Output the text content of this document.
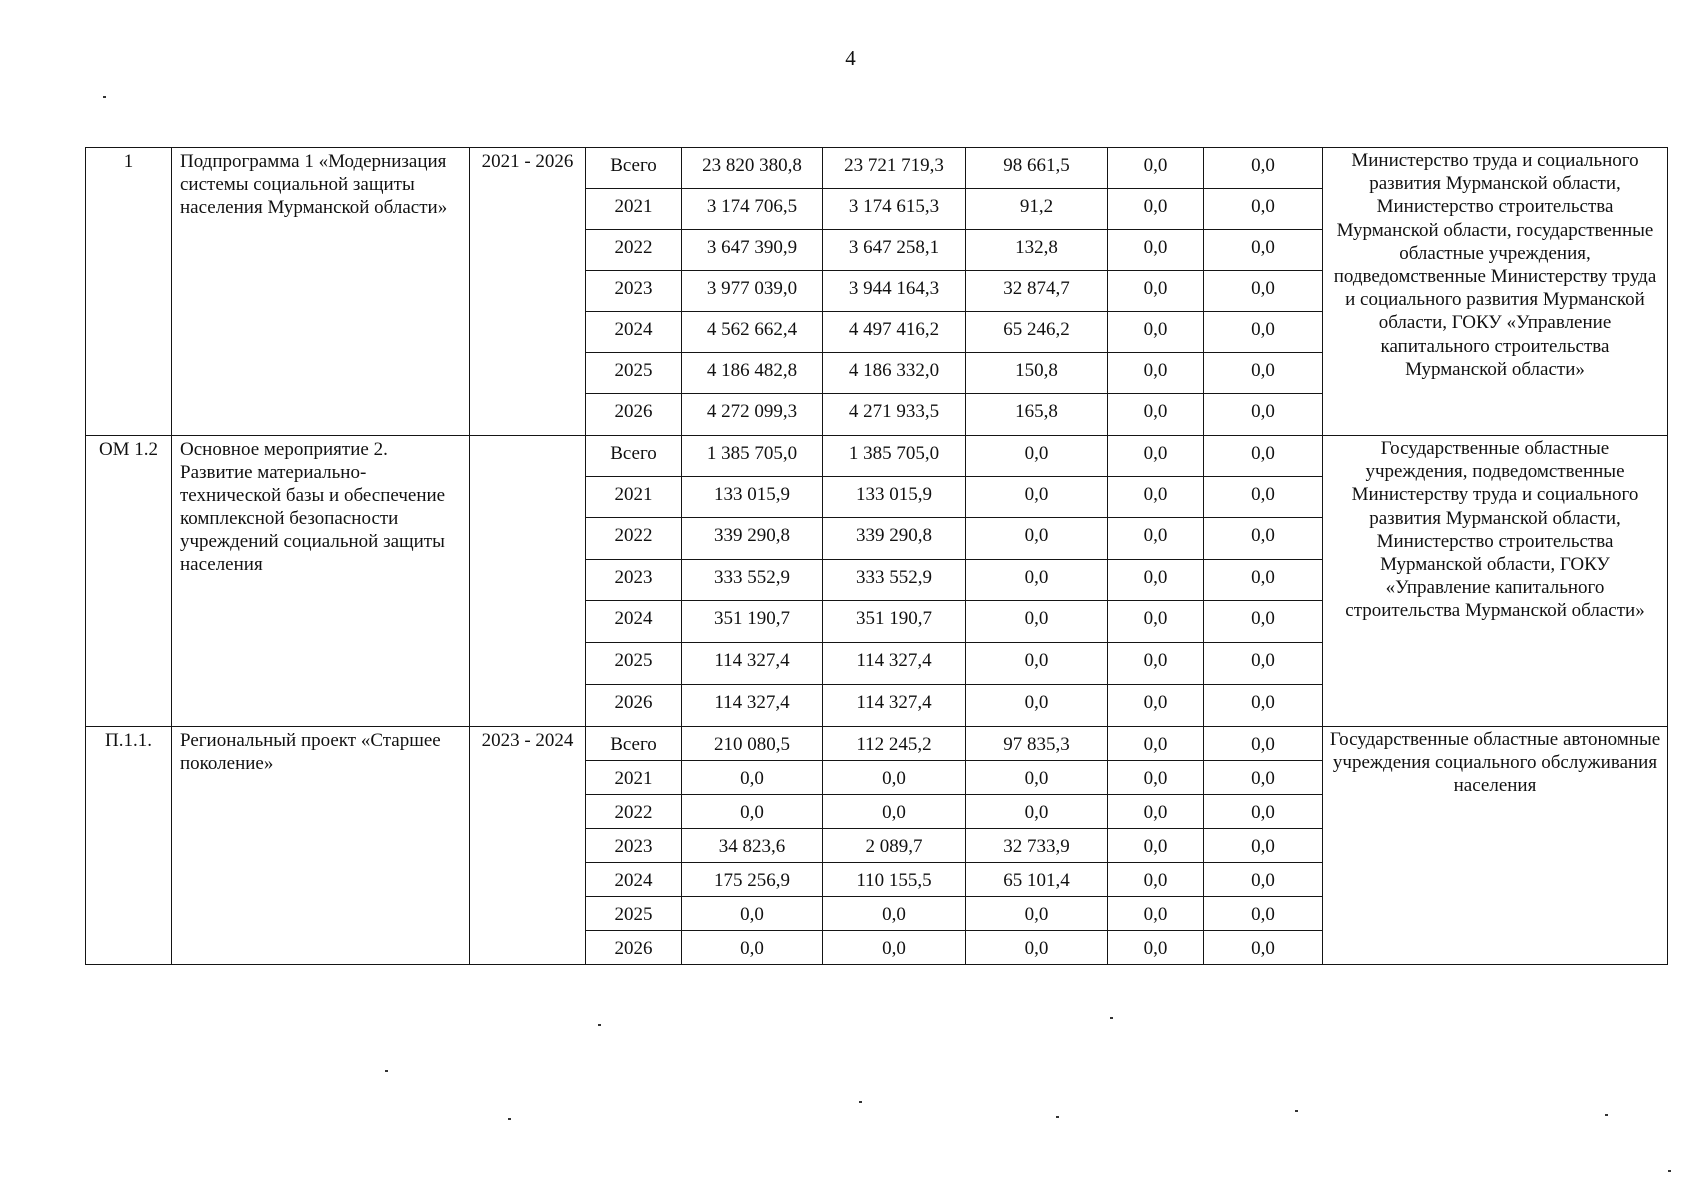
4
1	Подпрограмма 1 «Модернизация системы социальной защиты населения Мурманской области»	2021 - 2026	Всего	23 820 380,8	23 721 719,3	98 661,5	0,0	0,0	Министерство труда и социального развития Мурманской области, Министерство строительства Мурманской области, государственные областные учреждения, подведомственные Министерству труда и социального развития Мурманской области, ГОКУ «Управление капитального строительства Мурманской области»
			2021	3 174 706,5	3 174 615,3	91,2	0,0	0,0	
			2022	3 647 390,9	3 647 258,1	132,8	0,0	0,0	
			2023	3 977 039,0	3 944 164,3	32 874,7	0,0	0,0	
			2024	4 562 662,4	4 497 416,2	65 246,2	0,0	0,0	
			2025	4 186 482,8	4 186 332,0	150,8	0,0	0,0	
			2026	4 272 099,3	4 271 933,5	165,8	0,0	0,0	
ОМ 1.2	Основное мероприятие 2. Развитие материально-технической базы и обеспечение комплексной безопасности учреждений социальной защиты населения		Всего	1 385 705,0	1 385 705,0	0,0	0,0	0,0	Государственные областные учреждения, подведомственные Министерству труда и социального развития Мурманской области, Министерство строительства Мурманской области, ГОКУ «Управление капитального строительства Мурманской области»
			2021	133 015,9	133 015,9	0,0	0,0	0,0	
			2022	339 290,8	339 290,8	0,0	0,0	0,0	
			2023	333 552,9	333 552,9	0,0	0,0	0,0	
			2024	351 190,7	351 190,7	0,0	0,0	0,0	
			2025	114 327,4	114 327,4	0,0	0,0	0,0	
			2026	114 327,4	114 327,4	0,0	0,0	0,0	
П.1.1.	Региональный проект «Старшее поколение»	2023 - 2024	Всего	210 080,5	112 245,2	97 835,3	0,0	0,0	Государственные областные автономные учреждения социального обслуживания населения
			2021	0,0	0,0	0,0	0,0	0,0	
			2022	0,0	0,0	0,0	0,0	0,0	
			2023	34 823,6	2 089,7	32 733,9	0,0	0,0	
			2024	175 256,9	110 155,5	65 101,4	0,0	0,0	
			2025	0,0	0,0	0,0	0,0	0,0	
			2026	0,0	0,0	0,0	0,0	0,0	
